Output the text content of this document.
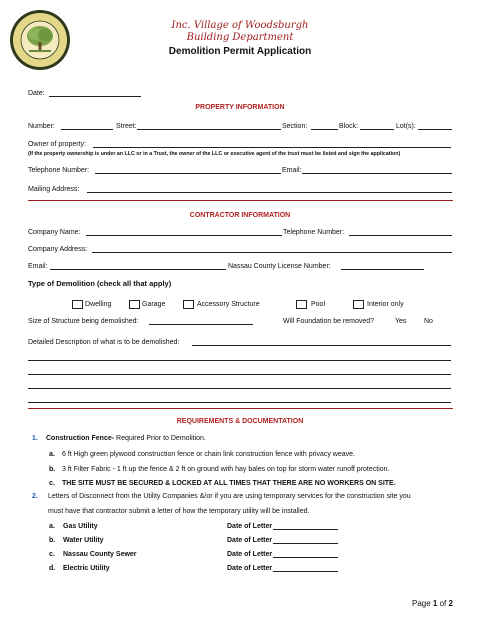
Inc. Village of Woodsburgh
Building Department
Demolition Permit Application
Date:
PROPERTY INFORMATION
Number:	Street:	Section:	Block:	Lot(s):
Owner of property:
(If the property ownership is under an LLC or in a Trust, the owner of the LLC or executive agent of the trust must be listed and sign the application)
Telephone Number:	Email:
Mailing Address:
CONTRACTOR INFORMATION
Company Name:	Telephone Number:
Company Address:
Email:	Nassau County License Number:
Type of Demolition (check all that apply)
Dwelling	Garage	Accessory Structure	Pool	Interior only
Size of Structure being demolished:	Will Foundation be removed?	Yes	No
Detailed Description of what is to be demolished:
REQUIREMENTS & DOCUMENTATION
1. Construction Fence- Required Prior to Demolition.
a. 6 ft High green plywood construction fence or chain link construction fence with privacy weave.
b. 3 ft Filter Fabric - 1 ft up the fence & 2 ft on ground with hay bales on top for storm water runoff protection.
c. THE SITE MUST BE SECURED & LOCKED AT ALL TIMES THAT THERE ARE NO WORKERS ON SITE.
2. Letters of Disconnect from the Utility Companies &/or if you are using temporary services for the construction site you
must have that contractor submit a letter of how the temporary utility will be installed.
a. Gas Utility	Date of Letter
b. Water Utility	Date of Letter
c. Nassau County Sewer	Date of Letter
d. Electric Utility	Date of Letter
Page 1 of 2
